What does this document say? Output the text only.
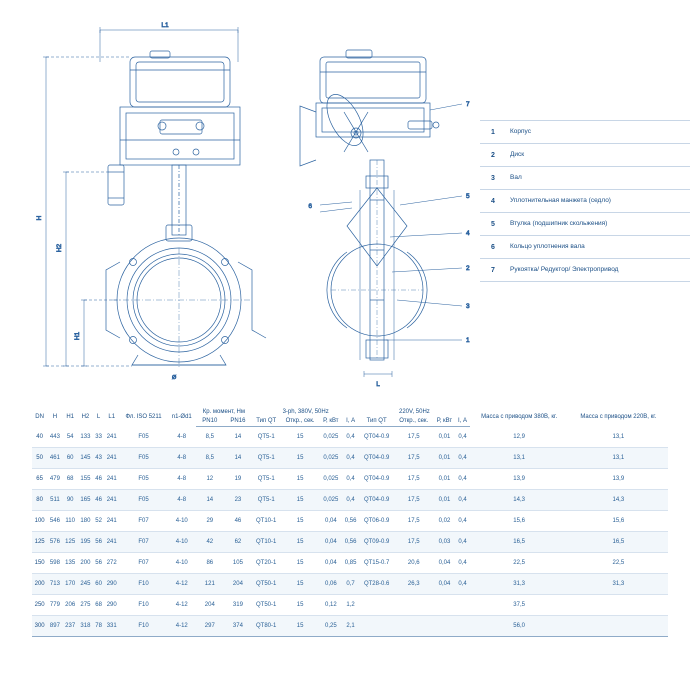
L1
H
H2
H1
Ø
L
7
5
4
2
3
1
6
1	Корпус
2	Диск
3	Вал
4	Уплотнительная манжета (седло)
5	Втулка (подшипник скольжения)
6	Кольцо уплотнения вала
7	Рукоятка/ Редуктор/ Электропривод
DN	H	H1	H2	L	L1	Фл. ISO 5211	n1-Ød1	Кр. момент, Нм		3-ph, 380V, 50Hz				220V, 50Hz				Масса с приводом 380В, кг.	Масса с приводом 220В, кг.
								PN10	PN16	Тип QT	Откр., сек.	Р, кВт	I, А	Тип QT	Откр., сек.	Р, кВт	I, А		
40	443	54	133	33	241	F05	4-8	8,5	14	QT5-1	15	0,025	0,4	QT04-0.9	17,5	0,01	0,4	12,9	13,1
50	461	60	145	43	241	F05	4-8	8,5	14	QT5-1	15	0,025	0,4	QT04-0.9	17,5	0,01	0,4	13,1	13,1
65	479	68	155	46	241	F05	4-8	12	19	QT5-1	15	0,025	0,4	QT04-0.9	17,5	0,01	0,4	13,9	13,9
80	511	90	165	46	241	F05	4-8	14	23	QT5-1	15	0,025	0,4	QT04-0.9	17,5	0,01	0,4	14,3	14,3
100	546	110	180	52	241	F07	4-10	29	46	QT10-1	15	0,04	0,56	QT06-0.9	17,5	0,02	0,4	15,6	15,6
125	576	125	195	56	241	F07	4-10	42	62	QT10-1	15	0,04	0,56	QT09-0.9	17,5	0,03	0,4	16,5	16,5
150	598	135	200	56	272	F07	4-10	86	105	QT20-1	15	0,04	0,85	QT15-0.7	20,6	0,04	0,4	22,5	22,5
200	713	170	245	60	290	F10	4-12	121	204	QT50-1	15	0,06	0,7	QT28-0.6	26,3	0,04	0,4	31,3	31,3
250	779	206	275	68	290	F10	4-12	204	319	QT50-1	15	0,12	1,2					37,5	
300	897	237	318	78	331	F10	4-12	297	374	QT80-1	15	0,25	2,1					56,0	
